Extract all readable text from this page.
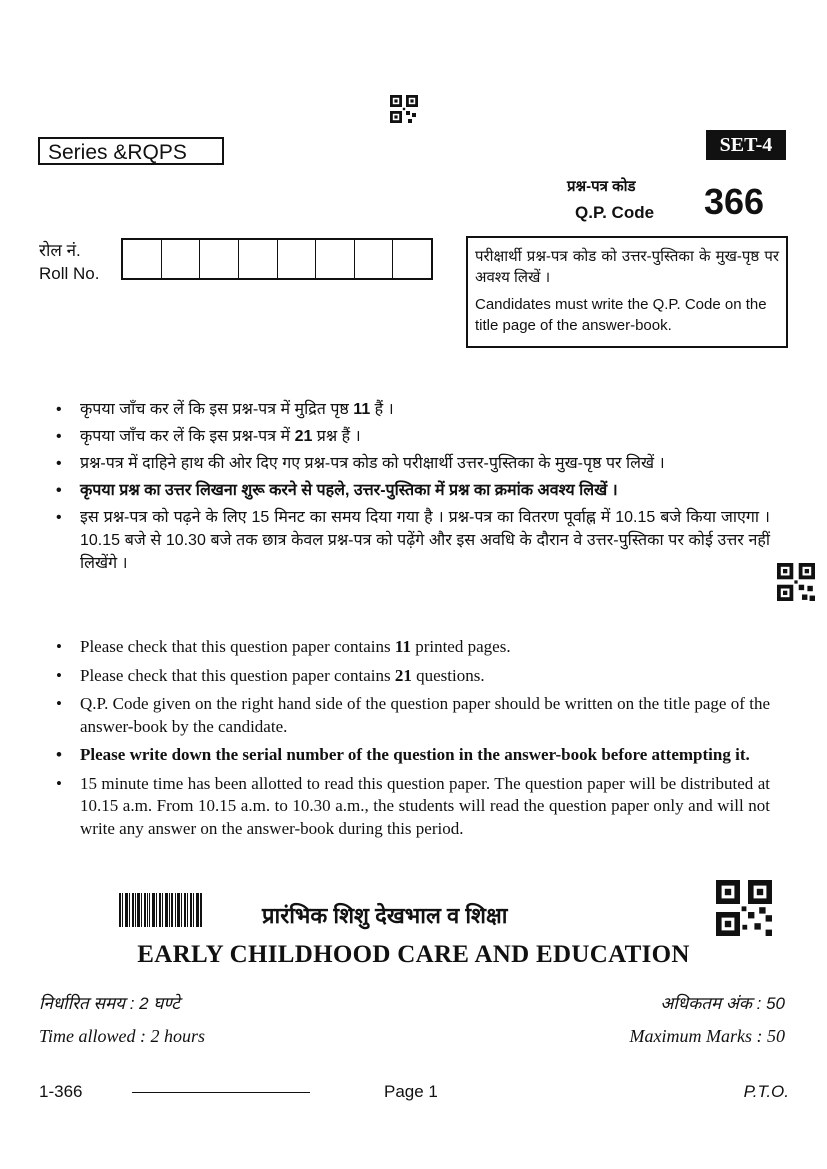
Series &RQPS	SET-4
प्रश्न-पत्र कोड
Q.P. Code 366
रोल नं.
Roll No.

परीक्षार्थी प्रश्न-पत्र कोड को उत्तर-पुस्तिका के मुख-पृष्ठ पर अवश्य लिखें ।

Candidates must write the Q.P. Code on the title page of the answer-book.

• कृपया जाँच कर लें कि इस प्रश्न-पत्र में मुद्रित पृष्ठ 11 हैं ।
• कृपया जाँच कर लें कि इस प्रश्न-पत्र में 21 प्रश्न हैं ।
• प्रश्न-पत्र में दाहिने हाथ की ओर दिए गए प्रश्न-पत्र कोड को परीक्षार्थी उत्तर-पुस्तिका के मुख-पृष्ठ पर लिखें ।
• कृपया प्रश्न का उत्तर लिखना शुरू करने से पहले, उत्तर-पुस्तिका में प्रश्न का क्रमांक अवश्य लिखें ।
• इस प्रश्न-पत्र को पढ़ने के लिए 15 मिनट का समय दिया गया है । प्रश्न-पत्र का वितरण पूर्वाह्न में 10.15 बजे किया जाएगा । 10.15 बजे से 10.30 बजे तक छात्र केवल प्रश्न-पत्र को पढ़ेंगे और इस अवधि के दौरान वे उत्तर-पुस्तिका पर कोई उत्तर नहीं लिखेंगे ।
• Please check that this question paper contains 11 printed pages.
• Please check that this question paper contains 21 questions.
• Q.P. Code given on the right hand side of the question paper should be written on the title page of the answer-book by the candidate.
• Please write down the serial number of the question in the answer-book before attempting it.
• 15 minute time has been allotted to read this question paper. The question paper will be distributed at 10.15 a.m. From 10.15 a.m. to 10.30 a.m., the students will read the question paper only and will not write any answer on the answer-book during this period.
प्रारंभिक शिशु देखभाल व शिक्षा
EARLY CHILDHOOD CARE AND EDUCATION
निर्धारित समय : 2 घण्टे	अधिकतम अंक : 50
Time allowed : 2 hours	Maximum Marks : 50
1-366	Page 1	P.T.O.
